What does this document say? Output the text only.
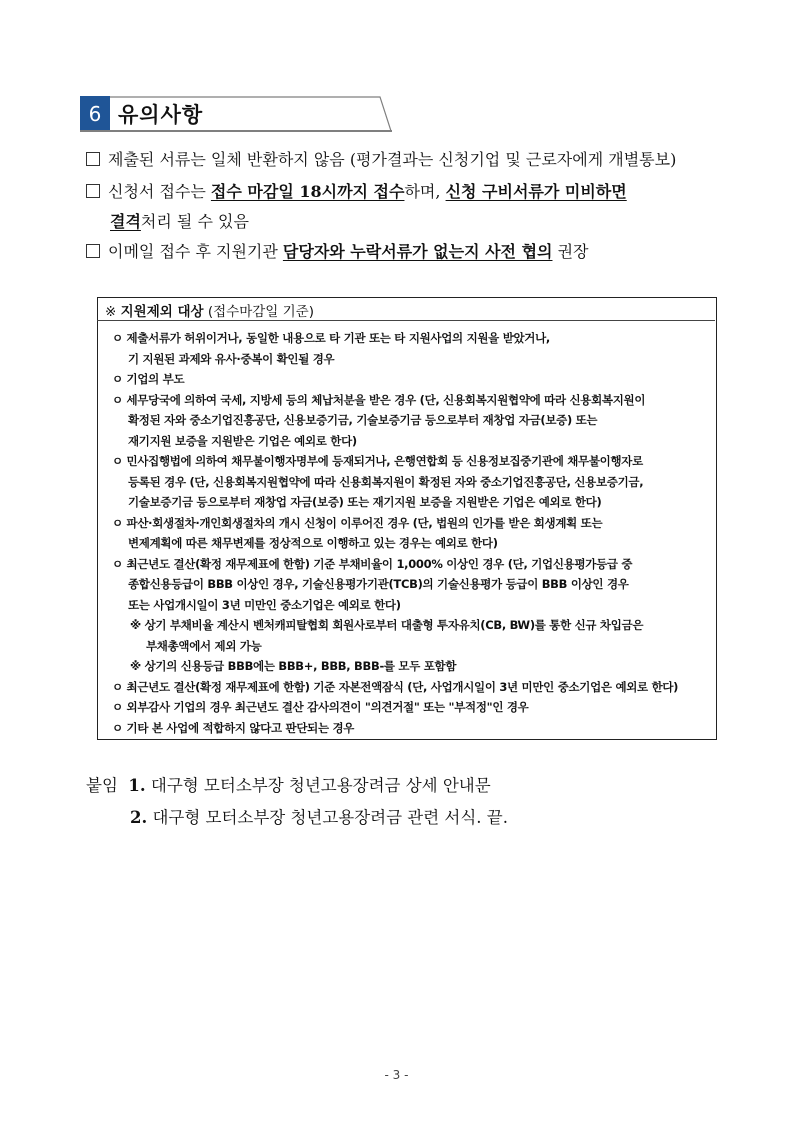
6 유의사항
제출된 서류는 일체 반환하지 않음 (평가결과는 신청기업 및 근로자에게 개별통보)
신청서 접수는 접수 마감일 18시까지 접수하며, 신청 구비서류가 미비하면
결격처리 될 수 있음
이메일 접수 후 지원기관 담당자와 누락서류가 없는지 사전 협의 권장
※ 지원제외 대상 (접수마감일 기준)
ㅇ 제출서류가 허위이거나, 동일한 내용으로 타 기관 또는 타 지원사업의 지원을 받았거나,
기 지원된 과제와 유사·중복이 확인될 경우
ㅇ 기업의 부도
ㅇ 세무당국에 의하여 국세, 지방세 등의 체납처분을 받은 경우 (단, 신용회복지원협약에 따라 신용회복지원이
확정된 자와 중소기업진흥공단, 신용보증기금, 기술보증기금 등으로부터 재창업 자금(보증) 또는
재기지원 보증을 지원받은 기업은 예외로 한다)
ㅇ 민사집행법에 의하여 채무불이행자명부에 등재되거나, 은행연합회 등 신용정보집중기관에 채무불이행자로
등록된 경우 (단, 신용회복지원협약에 따라 신용회복지원이 확정된 자와 중소기업진흥공단, 신용보증기금,
기술보증기금 등으로부터 재창업 자금(보증) 또는 재기지원 보증을 지원받은 기업은 예외로 한다)
ㅇ 파산·회생절차·개인회생절차의 개시 신청이 이루어진 경우 (단, 법원의 인가를 받은 회생계획 또는
변제계획에 따른 채무변제를 정상적으로 이행하고 있는 경우는 예외로 한다)
ㅇ 최근년도 결산(확정 재무제표에 한함) 기준 부채비율이 1,000% 이상인 경우 (단, 기업신용평가등급 중
종합신용등급이 BBB 이상인 경우, 기술신용평가기관(TCB)의 기술신용평가 등급이 BBB 이상인 경우
또는 사업개시일이 3년 미만인 중소기업은 예외로 한다)
※ 상기 부채비율 계산시 벤처캐피탈협회 회원사로부터 대출형 투자유치(CB, BW)를 통한 신규 차입금은
부채총액에서 제외 가능
※ 상기의 신용등급 BBB에는 BBB+, BBB, BBB-를 모두 포함함
ㅇ 최근년도 결산(확정 재무제표에 한함) 기준 자본전액잠식 (단, 사업개시일이 3년 미만인 중소기업은 예외로 한다)
ㅇ 외부감사 기업의 경우 최근년도 결산 감사의견이 "의견거절" 또는 "부적정"인 경우
ㅇ 기타 본 사업에 적합하지 않다고 판단되는 경우
붙임 1. 대구형 모터소부장 청년고용장려금 상세 안내문
2. 대구형 모터소부장 청년고용장려금 관련 서식. 끝.
- 3 -
